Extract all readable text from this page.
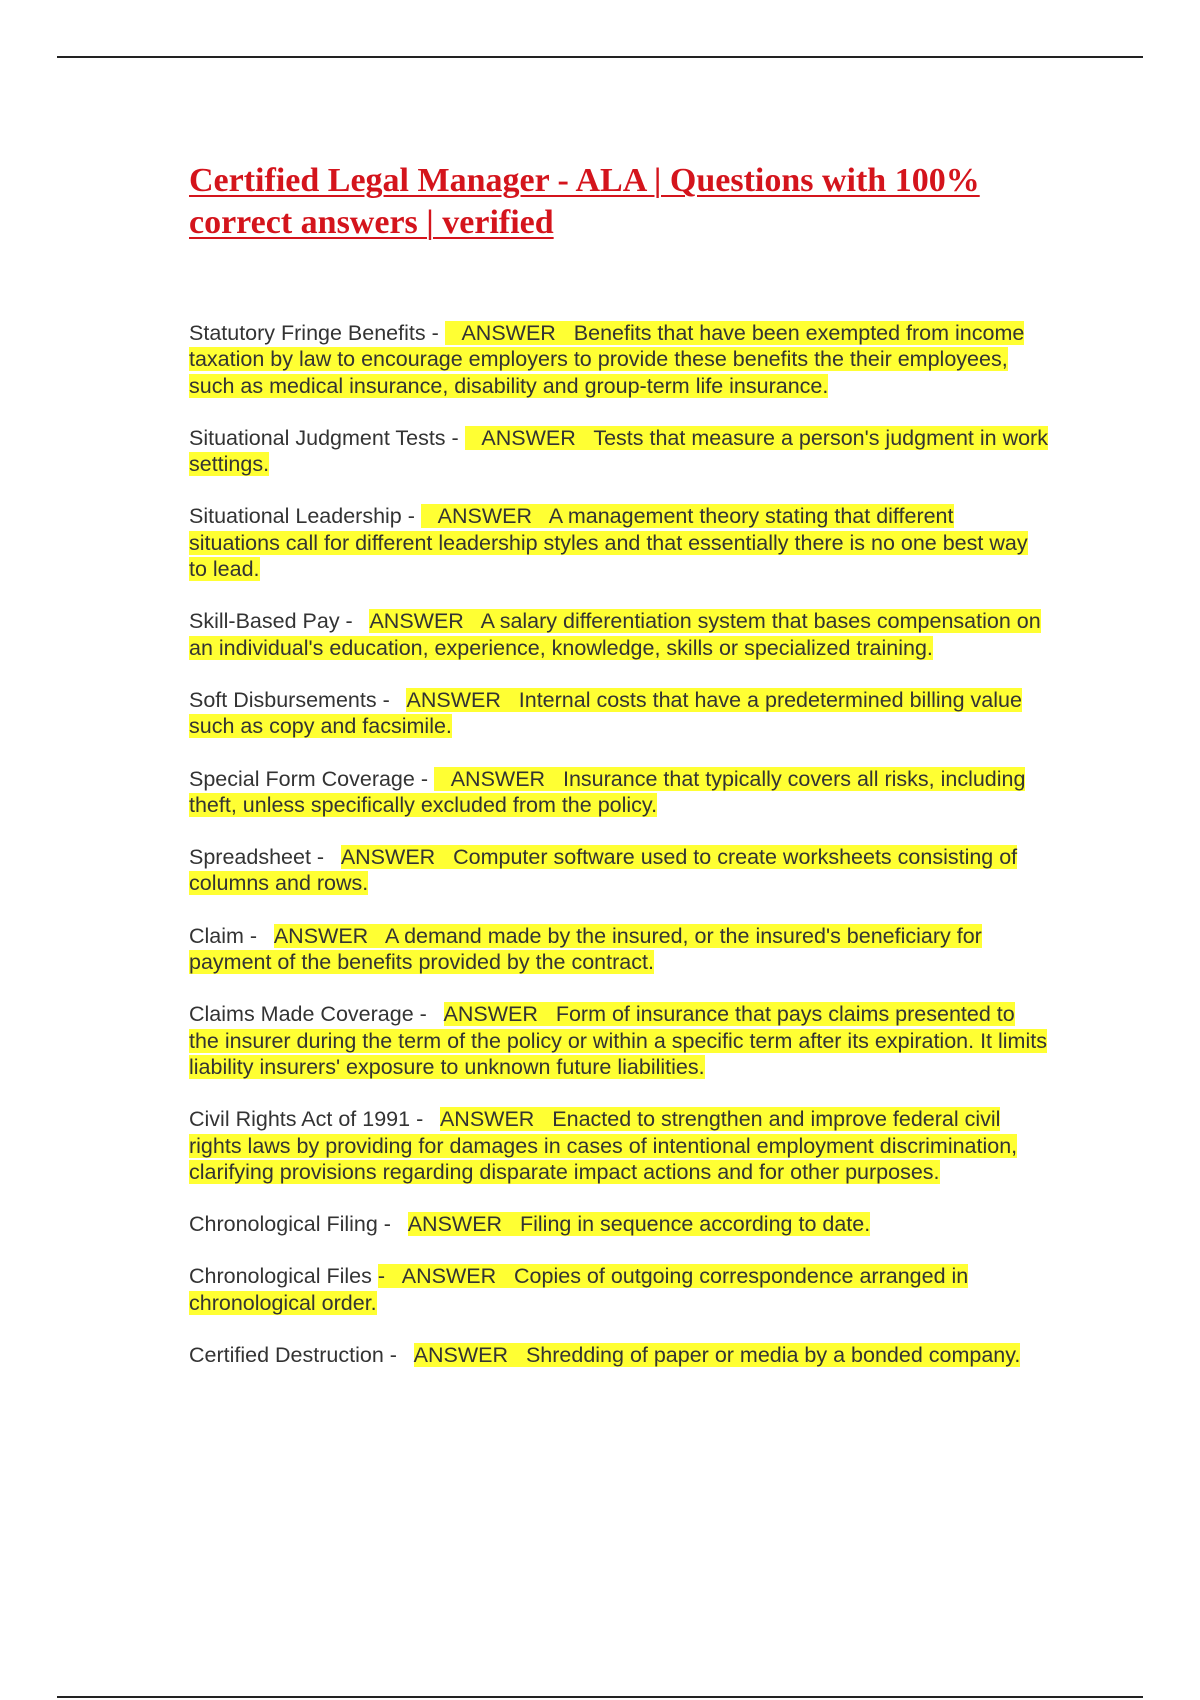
Certified Legal Manager - ALA | Questions with 100% correct answers | verified

Statutory Fringe Benefits -    ANSWER Benefits that have been exempted from income taxation by law to encourage employers to provide these benefits the their employees, such as medical insurance, disability and group-term life insurance.

Situational Judgment Tests -    ANSWER Tests that measure a person's judgment in work settings.

Situational Leadership -    ANSWER A management theory stating that different situations call for different leadership styles and that essentially there is no one best way to lead.

Skill-Based Pay -   ANSWER A salary differentiation system that bases compensation on an individual's education, experience, knowledge, skills or specialized training.

Soft Disbursements -   ANSWER Internal costs that have a predetermined billing value such as copy and facsimile.

Special Form Coverage -    ANSWER Insurance that typically covers all risks, including theft, unless specifically excluded from the policy.

Spreadsheet -   ANSWER Computer software used to create worksheets consisting of columns and rows.

Claim -   ANSWER A demand made by the insured, or the insured's beneficiary for payment of the benefits provided by the contract.

Claims Made Coverage -   ANSWER Form of insurance that pays claims presented to the insurer during the term of the policy or within a specific term after its expiration. It limits liability insurers' exposure to unknown future liabilities.

Civil Rights Act of 1991 -   ANSWER Enacted to strengthen and improve federal civil rights laws by providing for damages in cases of intentional employment discrimination, clarifying provisions regarding disparate impact actions and for other purposes.

Chronological Filing -   ANSWER Filing in sequence according to date.

Chronological Files -   ANSWER Copies of outgoing correspondence arranged in chronological order.

Certified Destruction -   ANSWER Shredding of paper or media by a bonded company.
